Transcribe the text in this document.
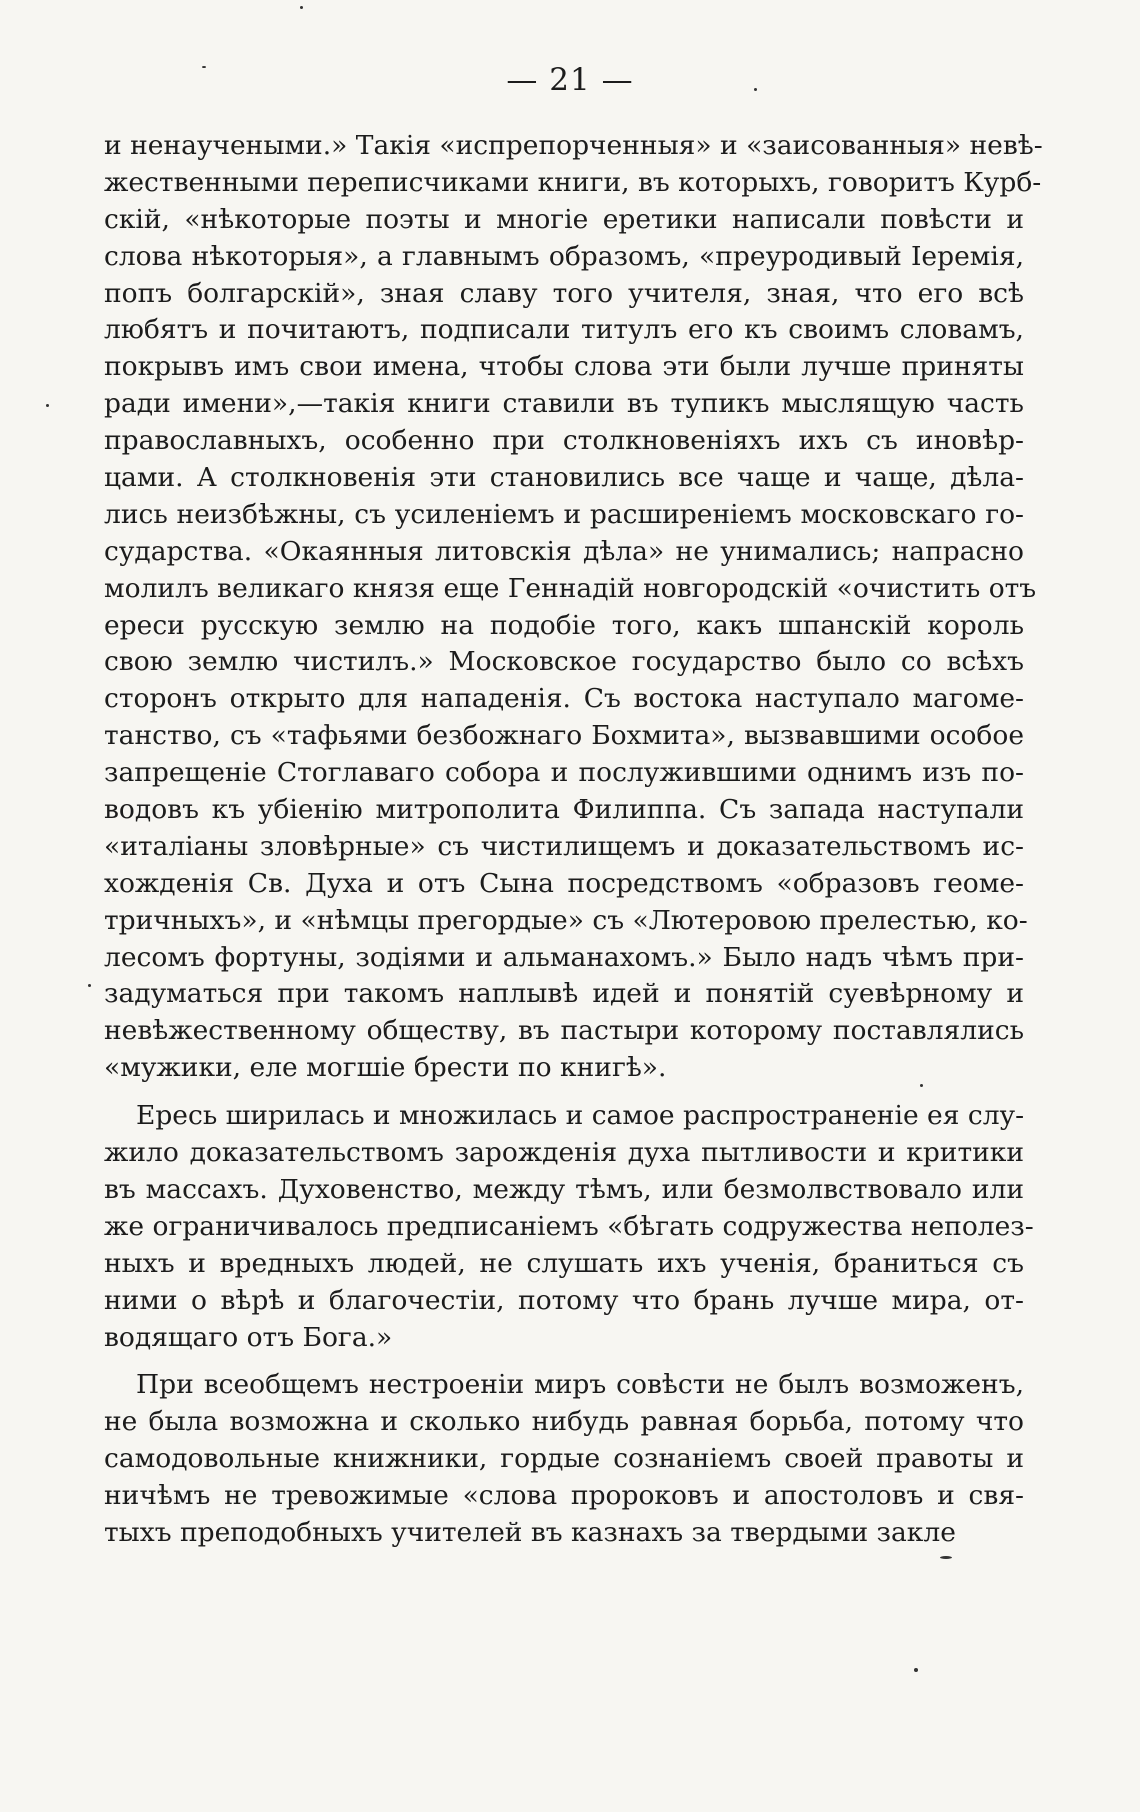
— 21 —
и ненаучеными.» Такія «испрепорченныя» и «заисованныя» невѣ-
жественными переписчиками книги, въ которыхъ, говоритъ Курб-
скій, «нѣкоторые поэты и многіе еретики написали повѣсти и
слова нѣкоторыя», а главнымъ образомъ, «преуродивый Іеремія,
попъ болгарскій», зная славу того учителя, зная, что его всѣ
любятъ и почитаютъ, подписали титулъ его къ своимъ словамъ,
покрывъ имъ свои имена, чтобы слова эти были лучше приняты
ради имени»,—такія книги ставили въ тупикъ мыслящую часть
православныхъ, особенно при столкновеніяхъ ихъ съ иновѣр-
цами. А столкновенія эти становились все чаще и чаще, дѣла-
лись неизбѣжны, съ усиленіемъ и расширеніемъ московскаго го-
сударства. «Окаянныя литовскія дѣла» не унимались; напрасно
молилъ великаго князя еще Геннадій новгородскій «очистить отъ
ереси русскую землю на подобіе того, какъ шпанскій король
свою землю чистилъ.» Московское государство было со всѣхъ
сторонъ открыто для нападенія. Съ востока наступало магоме-
танство, съ «тафьями безбожнаго Бохмита», вызвавшими особое
запрещеніе Стоглаваго собора и послужившими однимъ изъ по-
водовъ къ убіенію митрополита Филиппа. Съ запада наступали
«италіаны зловѣрные» съ чистилищемъ и доказательствомъ ис-
хожденія Св. Духа и отъ Сына посредствомъ «образовъ геоме-
тричныхъ», и «нѣмцы прегордые» съ «Лютеровою прелестью, ко-
лесомъ фортуны, зодіями и альманахомъ.» Было надъ чѣмъ при-
задуматься при такомъ наплывѣ идей и понятій суевѣрному и
невѣжественному обществу, въ пастыри которому поставлялись
«мужики, еле могшіе брести по книгѣ».
Ересь ширилась и множилась и самое распространеніе ея слу-
жило доказательствомъ зарожденія духа пытливости и критики
въ массахъ. Духовенство, между тѣмъ, или безмолвствовало или
же ограничивалось предписаніемъ «бѣгать содружества неполез-
ныхъ и вредныхъ людей, не слушать ихъ ученія, браниться съ
ними о вѣрѣ и благочестіи, потому что брань лучше мира, от-
водящаго отъ Бога.»
При всеобщемъ нестроеніи миръ совѣсти не былъ возможенъ,
не была возможна и сколько нибудь равная борьба, потому что
самодовольные книжники, гордые сознаніемъ своей правоты и
ничѣмъ не тревожимые «слова пророковъ и апостоловъ и свя-
тыхъ преподобныхъ учителей въ казнахъ за твердыми заклe
